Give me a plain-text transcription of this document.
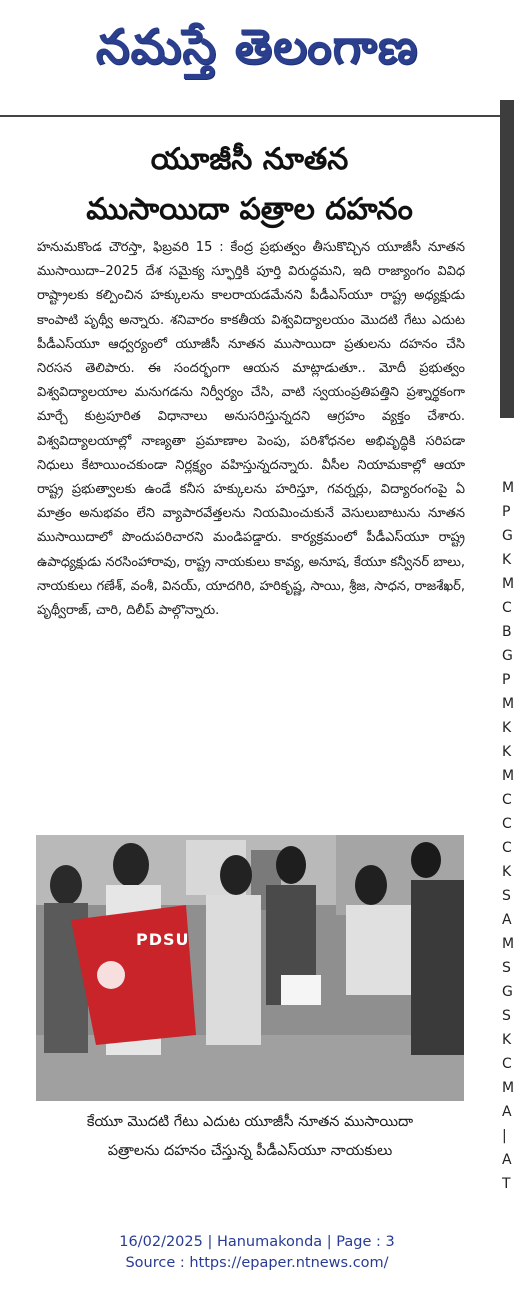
నమస్తే తెలంగాణ
యూజీసీ నూతన
ముసాయిదా పత్రాల దహనం

హనుమకొండ చౌరస్తా, ఫిబ్రవరి 15 : కేంద్ర ప్రభుత్వం తీసుకొచ్చిన యూజీసీ నూతన ముసాయిదా–2025 దేశ సమైక్య స్ఫూర్తికి పూర్తి విరుద్ధమని, ఇది రాజ్యాంగం వివిధ రాష్ట్రాలకు కల్పించిన హక్కులను కాలరాయడమేనని పీడీఎస్‌యూ రాష్ట్ర అధ్యక్షుడు కాంపాటి పృథ్వీ అన్నారు. శనివారం కాకతీయ విశ్వవిద్యాలయం మొదటి గేటు ఎదుట పీడీఎస్‌యూ ఆధ్వర్యంలో యూజీసీ నూతన ముసాయిదా ప్రతులను దహనం చేసి నిరసన తెలిపారు. ఈ సందర్భంగా ఆయన మాట్లాడుతూ.. మోదీ ప్రభుత్వం విశ్వవిద్యాలయాల మనుగడను నిర్వీర్యం చేసి, వాటి స్వయంప్రతిపత్తిని ప్రశ్నార్థకంగా మార్చే కుట్రపూరిత విధానాలు అనుసరిస్తున్నదని ఆగ్రహం వ్యక్తం చేశారు. విశ్వవిద్యాలయాల్లో నాణ్యతా ప్రమాణాల పెంపు, పరిశోధనల అభివృద్ధికి సరిపడా నిధులు కేటాయించకుండా నిర్లక్ష్యం వహిస్తున్నదన్నారు. వీసీల నియామకాల్లో ఆయా రాష్ట్ర ప్రభుత్వాలకు ఉండే కనీస హక్కులను హరిస్తూ, గవర్నర్లు, విద్యారంగంపై ఏ మాత్రం అనుభవం లేని వ్యాపారవేత్తలను నియమించుకునే వెసులుబాటును నూతన ముసాయిదాలో పొందుపరిచారని మండిపడ్డారు. కార్యక్రమంలో పీడీఎస్‌యూ రాష్ట్ర ఉపాధ్యక్షుడు నరసింహారావు, రాష్ట్ర నాయకులు కావ్య, అనూష, కేయూ కన్వీనర్ బాలు, నాయకులు గణేశ్, వంశీ, వినయ్, యాదగిరి, హరికృష్ణ, సాయి, శ్రీజ, సాధన, రాజశేఖర్, పృథ్వీరాజ్, చారి, దిలీప్ పాల్గొన్నారు.

PDSU
కేయూ మొదటి గేటు ఎదుట యూజీసీ నూతన ముసాయిదా
పత్రాలను దహనం చేస్తున్న పీడీఎస్‌యూ నాయకులు
M
P
G
K
M
C
B
G
P
M
K
K
M
C
C
C
K
S
A
M
S
G
S
K
C
M
A
|
A
T
16/02/2025 | Hanumakonda | Page : 3
Source : https://epaper.ntnews.com/
